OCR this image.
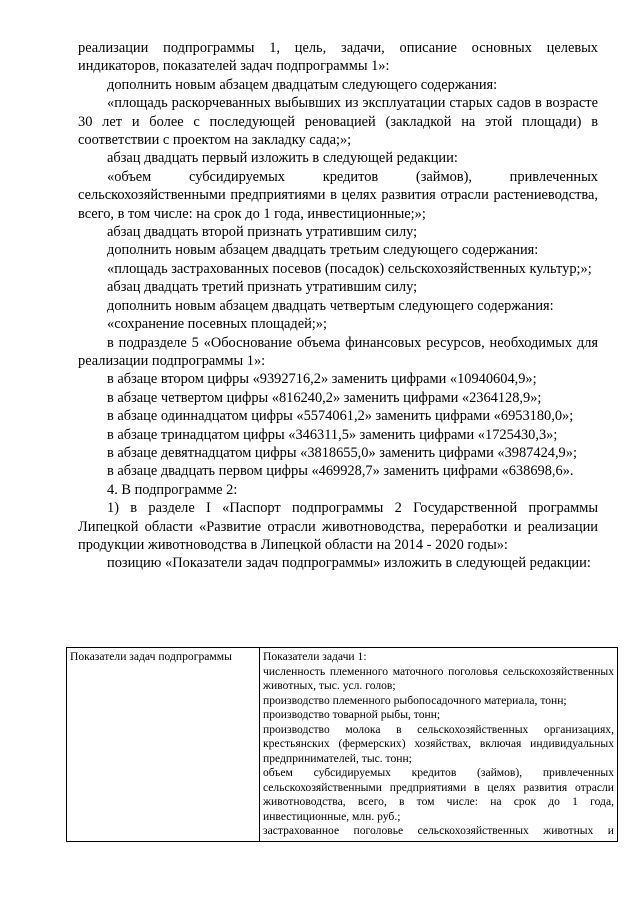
реализации подпрограммы 1, цель, задачи, описание основных целевых индикаторов, показателей задач подпрограммы 1»:

дополнить новым абзацем двадцатым следующего содержания:

«площадь раскорчеванных выбывших из эксплуатации старых садов в возрасте 30 лет и более с последующей реновацией (закладкой на этой площади) в соответствии с проектом на закладку сада;»;

абзац двадцать первый изложить в следующей редакции:

«объем субсидируемых кредитов (займов), привлеченных сельскохозяйственными предприятиями в целях развития отрасли растениеводства, всего, в том числе: на срок до 1 года, инвестиционные;»;

абзац двадцать второй признать утратившим силу;

дополнить новым абзацем двадцать третьим следующего содержания:

«площадь застрахованных посевов (посадок) сельскохозяйственных культур;»;

абзац двадцать третий признать утратившим силу;

дополнить новым абзацем двадцать четвертым следующего содержания:

«сохранение посевных площадей;»;

в подразделе 5 «Обоснование объема финансовых ресурсов, необходимых для реализации подпрограммы 1»:

в абзаце втором цифры «9392716,2» заменить цифрами «10940604,9»;

в абзаце четвертом цифры «816240,2» заменить цифрами «2364128,9»;

в абзаце одиннадцатом цифры «5574061,2» заменить цифрами «6953180,0»;

в абзаце тринадцатом цифры «346311,5» заменить цифрами «1725430,3»;

в абзаце девятнадцатом цифры «3818655,0» заменить цифрами «3987424,9»;

в абзаце двадцать первом цифры «469928,7» заменить цифрами «638698,6».

4. В подпрограмме 2:

1) в разделе I «Паспорт подпрограммы 2 Государственной программы Липецкой области «Развитие отрасли животноводства, переработки и реализации продукции животноводства в Липецкой области на 2014 - 2020 годы»:

позицию «Показатели задач подпрограммы» изложить в следующей редакции:

Показатели задач подпрограммы	Показатели задачи 1:

численность племенного маточного поголовья сельскохозяйственных животных, тыс. усл. голов;

производство племенного рыбопосадочного материала, тонн;

производство товарной рыбы, тонн;

производство молока в сельскохозяйственных организациях, крестьянских (фермерских) хозяйствах, включая индивидуальных предпринимателей, тыс. тонн;

объем субсидируемых кредитов (займов), привлеченных сельскохозяйственными предприятиями в целях развития отрасли животноводства, всего, в том числе: на срок до 1 года, инвестиционные, млн. руб.;

застрахованное поголовье сельскохозяйственных животных и
